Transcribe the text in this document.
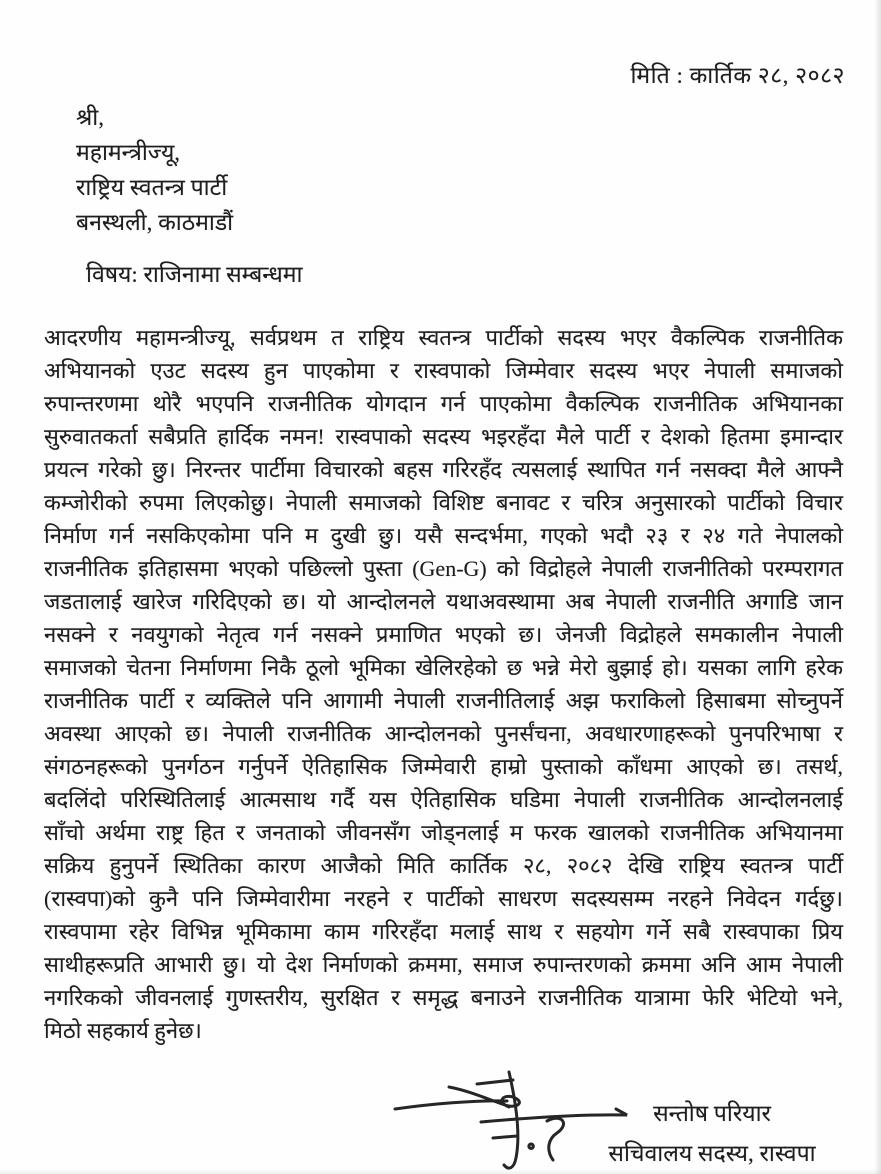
मिति : कार्तिक २८, २०८२
श्री,
महामन्त्रीज्यू,
राष्ट्रिय स्वतन्त्र पार्टी
बनस्थली, काठमाडौं
विषय: राजिनामा सम्बन्धमा
आदरणीय महामन्त्रीज्यू, सर्वप्रथम त राष्ट्रिय स्वतन्त्र पार्टीको सदस्य भएर वैकल्पिक राजनीतिक
अभियानको एउट सदस्य हुन पाएकोमा र रास्वपाको जिम्मेवार सदस्य भएर नेपाली समाजको
रुपान्तरणमा थोरै भएपनि राजनीतिक योगदान गर्न पाएकोमा वैकल्पिक राजनीतिक अभियानका
सुरुवातकर्ता सबैप्रति हार्दिक नमन! रास्वपाको सदस्य भइरहँदा मैले पार्टी र देशको हितमा इमान्दार
प्रयत्न गरेको छु। निरन्तर पार्टीमा विचारको बहस गरिरहँद त्यसलाई स्थापित गर्न नसक्दा मैले आफ्नै
कम्जोरीको रुपमा लिएकोछु। नेपाली समाजको विशिष्ट बनावट र चरित्र अनुसारको पार्टीको विचार
निर्माण गर्न नसकिएकोमा पनि म दुखी छु। यसै सन्दर्भमा, गएको भदौ २३ र २४ गते नेपालको
राजनीतिक इतिहासमा भएको पछिल्लो पुस्ता (Gen-G) को विद्रोहले नेपाली राजनीतिको परम्परागत
जडतालाई खारेज गरिदिएको छ। यो आन्दोलनले यथाअवस्थामा अब नेपाली राजनीति अगाडि जान
नसक्ने र नवयुगको नेतृत्व गर्न नसक्ने प्रमाणित भएको छ। जेनजी विद्रोहले समकालीन नेपाली
समाजको चेतना निर्माणमा निकै ठूलो भूमिका खेलिरहेको छ भन्ने मेरो बुझाई हो। यसका लागि हरेक
राजनीतिक पार्टी र व्यक्तिले पनि आगामी नेपाली राजनीतिलाई अझ फराकिलो हिसाबमा सोच्नुपर्ने
अवस्था आएको छ। नेपाली राजनीतिक आन्दोलनको पुनर्संचना, अवधारणाहरूको पुनपरिभाषा र
संगठनहरूको पुनर्गठन गर्नुपर्ने ऐतिहासिक जिम्मेवारी हाम्रो पुस्ताको काँधमा आएको छ। तसर्थ,
बदलिंदो परिस्थितिलाई आत्मसाथ गर्दै यस ऐतिहासिक घडिमा नेपाली राजनीतिक आन्दोलनलाई
साँचो अर्थमा राष्ट्र हित र जनताको जीवनसँग जोड्नलाई म फरक खालको राजनीतिक अभियानमा
सक्रिय हुनुपर्ने स्थितिका कारण आजैको मिति कार्तिक २८, २०८२ देखि राष्ट्रिय स्वतन्त्र पार्टी
(रास्वपा)को कुनै पनि जिम्मेवारीमा नरहने र पार्टीको साधरण सदस्यसम्म नरहने निवेदन गर्दछु।
रास्वपामा रहेर विभिन्न भूमिकामा काम गरिरहँदा मलाई साथ र सहयोग गर्ने सबै रास्वपाका प्रिय
साथीहरूप्रति आभारी छु। यो देश निर्माणको क्रममा, समाज रुपान्तरणको क्रममा अनि आम नेपाली
नगरिकको जीवनलाई गुणस्तरीय, सुरक्षित र समृद्ध बनाउने राजनीतिक यात्रामा फेरि भेटियो भने,
मिठो सहकार्य हुनेछ।
सन्तोष परियार
सचिवालय सदस्य, रास्वपा
